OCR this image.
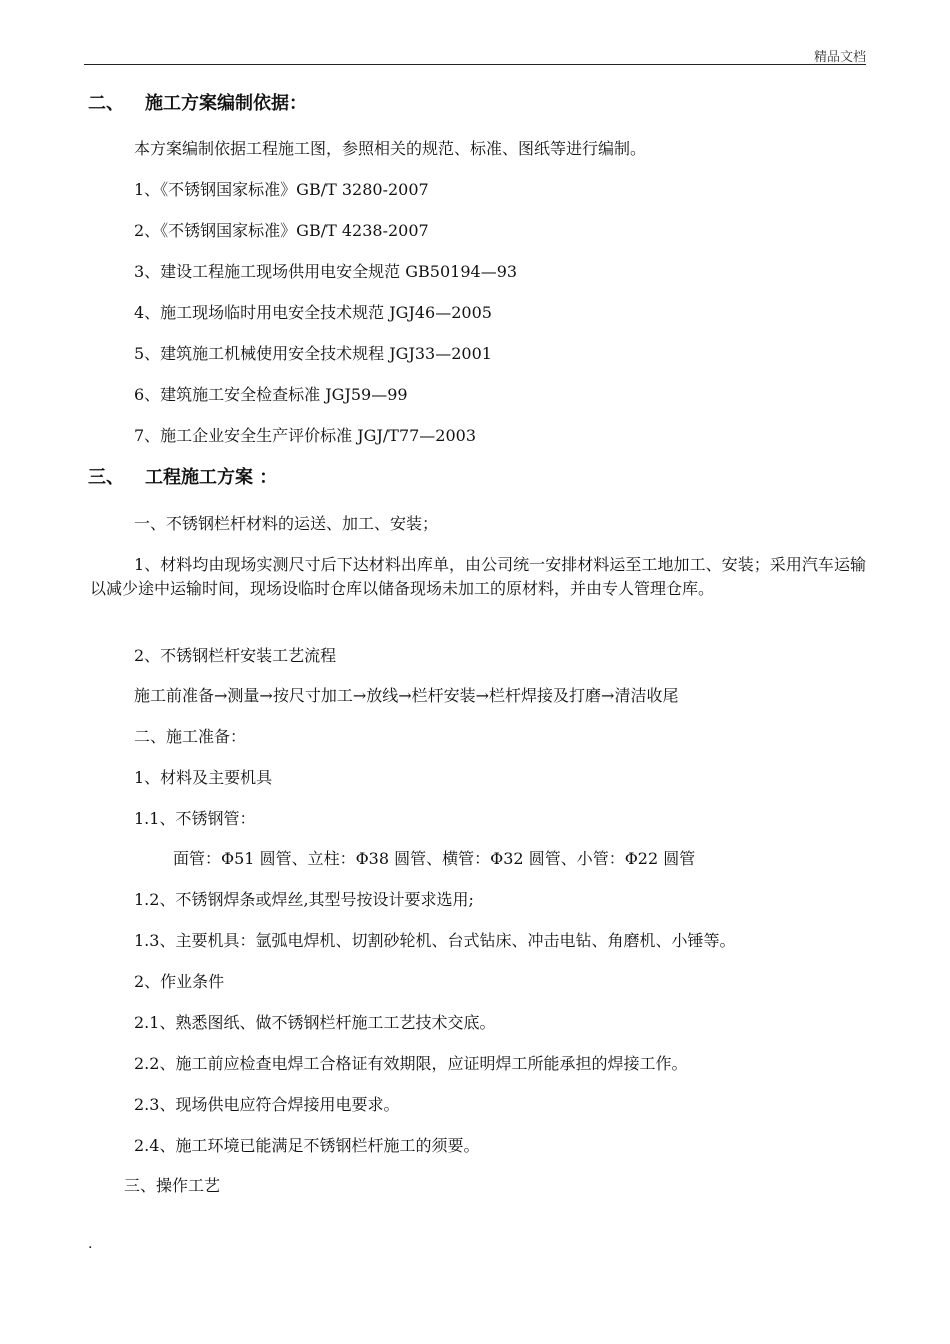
精品文档
二、 施工方案编制依据：
本方案编制依据工程施工图，参照相关的规范、标准、图纸等进行编制。
1、《不锈钢国家标准》GB/T 3280-2007
2、《不锈钢国家标准》GB/T 4238-2007
3、建设工程施工现场供用电安全规范 GB50194—93
4、施工现场临时用电安全技术规范 JGJ46—2005
5、建筑施工机械使用安全技术规程 JGJ33—2001
6、建筑施工安全检查标准 JGJ59—99
7、施工企业安全生产评价标准 JGJ/T77—2003
三、 工程施工方案 ：
一、不锈钢栏杆材料的运送、加工、安装；
1、材料均由现场实测尺寸后下达材料出库单，由公司统一安排材料运至工地加工、安装；采用汽车运输以减少途中运输时间，现场设临时仓库以储备现场未加工的原材料，并由专人管理仓库。
2、不锈钢栏杆安装工艺流程
施工前准备→测量→按尺寸加工→放线→栏杆安装→栏杆焊接及打磨→清洁收尾
二、施工准备：
1、材料及主要机具
1.1、不锈钢管：
面管：Φ51 圆管、立柱：Φ38 圆管、横管：Φ32 圆管、小管：Φ22 圆管
1.2、不锈钢焊条或焊丝,其型号按设计要求选用;
1.3、主要机具：氩弧电焊机、切割砂轮机、台式钻床、冲击电钻、角磨机、小锤等。
2、作业条件
2.1、熟悉图纸、做不锈钢栏杆施工工艺技术交底。
2.2、施工前应检查电焊工合格证有效期限，应证明焊工所能承担的焊接工作。
2.3、现场供电应符合焊接用电要求。
2.4、施工环境已能满足不锈钢栏杆施工的须要。
三、操作工艺
.
